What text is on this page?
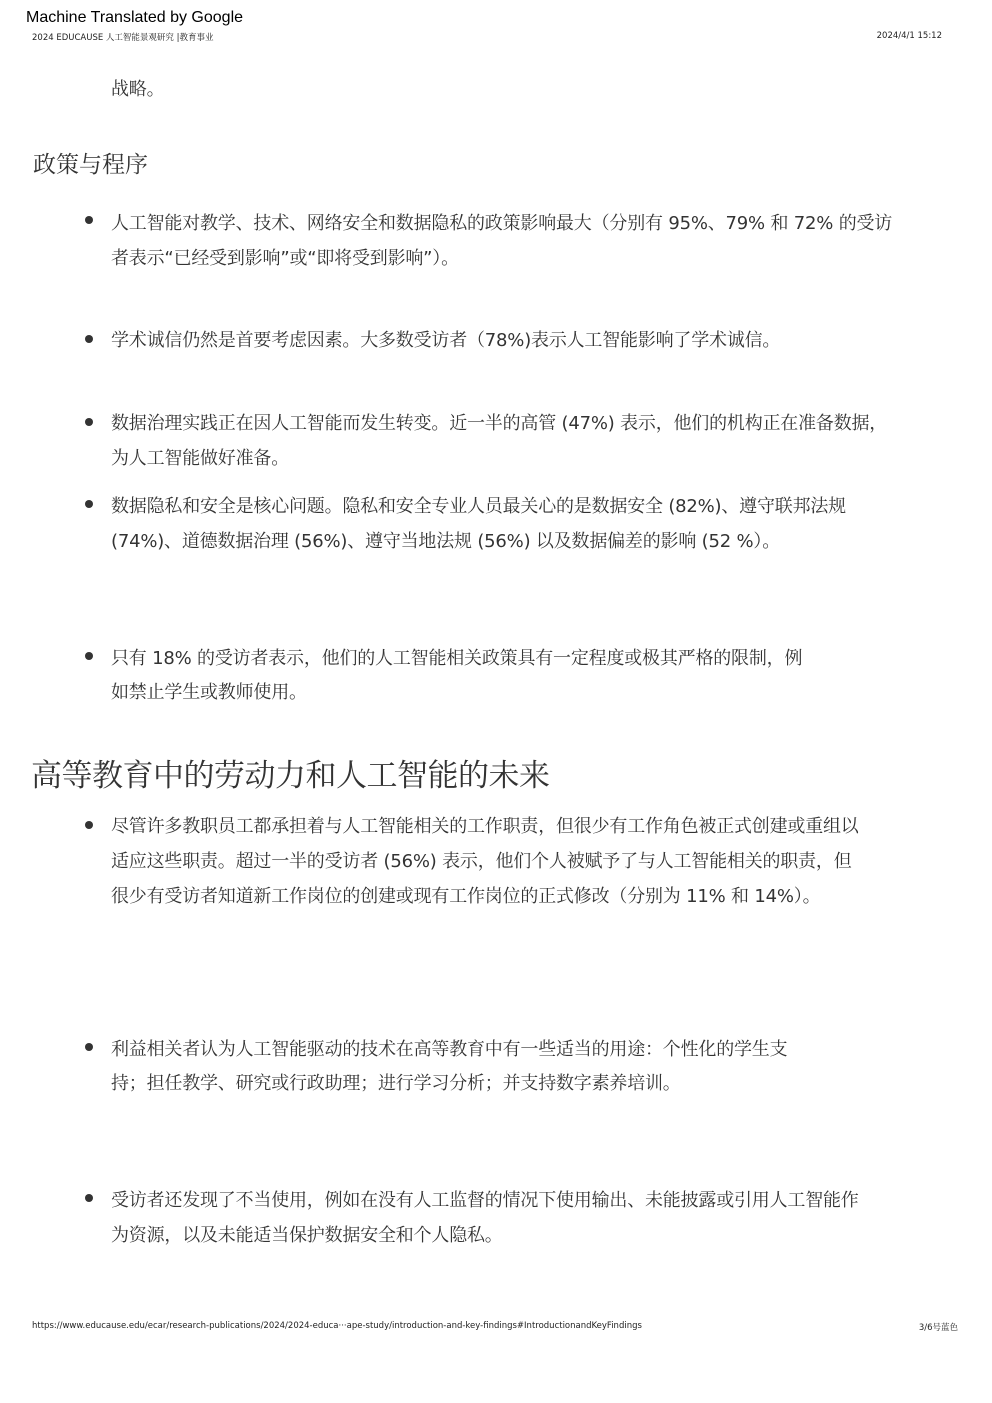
Machine Translated by Google
2024 EDUCAUSE 人工智能景观研究 |教育事业	2024/4/1 15:12
战略。
政策与程序
人工智能对教学、技术、网络安全和数据隐私的政策影响最大（分别有 95%、79% 和 72% 的受访
者表示“已经受到影响”或“即将受到影响”）。
学术诚信仍然是首要考虑因素。大多数受访者（78%)表示人工智能影响了学术诚信。
数据治理实践正在因人工智能而发生转变。近一半的高管 (47%) 表示，他们的机构正在准备数据，
为人工智能做好准备。
数据隐私和安全是核心问题。隐私和安全专业人员最关心的是数据安全 (82%)、遵守联邦法规
(74%)、道德数据治理 (56%)、遵守当地法规 (56%) 以及数据偏差的影响 (52 %）。
只有 18% 的受访者表示，他们的人工智能相关政策具有一定程度或极其严格的限制，例
如禁止学生或教师使用。
高等教育中的劳动力和人工智能的未来
尽管许多教职员工都承担着与人工智能相关的工作职责，但很少有工作角色被正式创建或重组以
适应这些职责。超过一半的受访者 (56%) 表示，他们个人被赋予了与人工智能相关的职责，但
很少有受访者知道新工作岗位的创建或现有工作岗位的正式修改（分别为 11% 和 14%）。
利益相关者认为人工智能驱动的技术在高等教育中有一些适当的用途：个性化的学生支
持；担任教学、研究或行政助理；进行学习分析；并支持数字素养培训。
受访者还发现了不当使用，例如在没有人工监督的情况下使用输出、未能披露或引用人工智能作
为资源，以及未能适当保护数据安全和个人隐私。
https://www.educause.edu/ecar/research-publications/2024/2024-educa···ape-study/introduction-and-key-findings#IntroductionandKeyFindings	3/6号蓝色
